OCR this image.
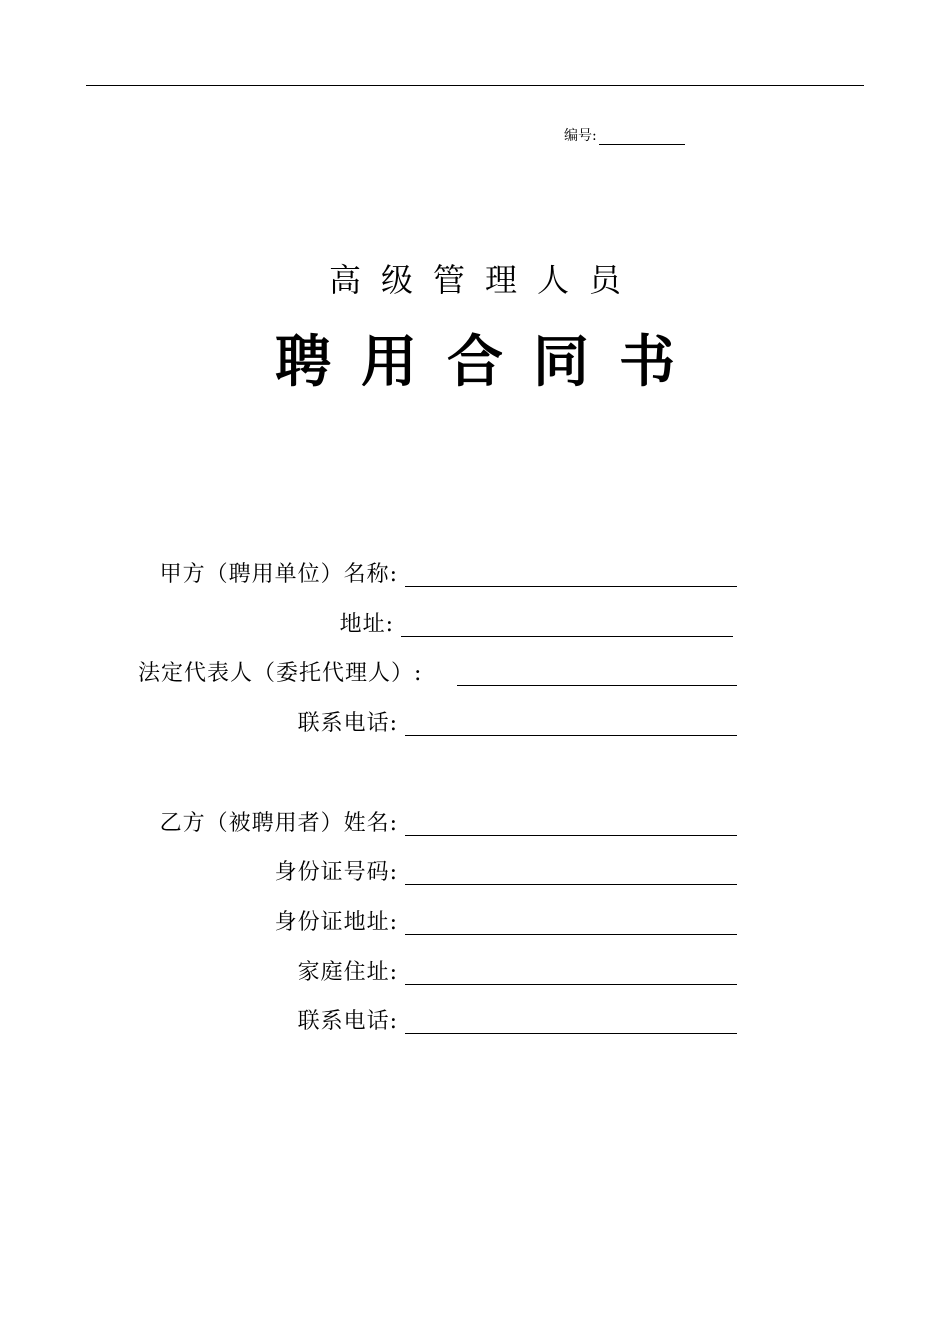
编号:
高级管理人员
聘用合同书
甲方（聘用单位）名称:
地址:
法定代表人（委托代理人）:
联系电话:
乙方（被聘用者）姓名:
身份证号码:
身份证地址:
家庭住址:
联系电话:
